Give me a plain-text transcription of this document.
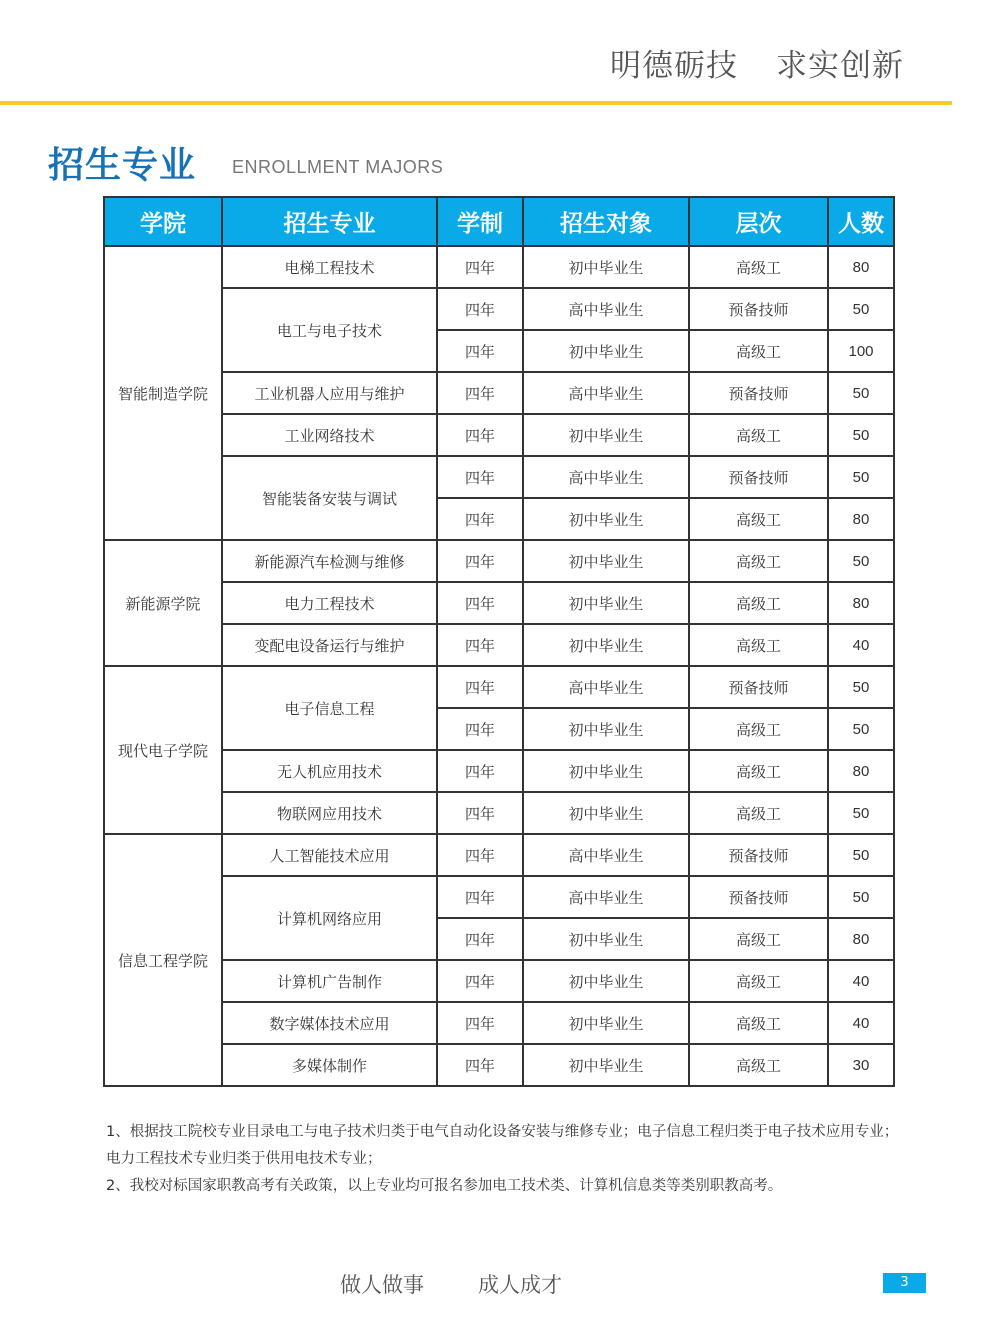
明德砺技 求实创新
招生专业 ENROLLMENT MAJORS
学院	招生专业	学制	招生对象	层次	人数
智能制造学院	电梯工程技术	四年	初中毕业生	高级工	80
	电工与电子技术	四年	高中毕业生	预备技师	50
		四年	初中毕业生	高级工	100
	工业机器人应用与维护	四年	高中毕业生	预备技师	50
	工业网络技术	四年	初中毕业生	高级工	50
	智能装备安装与调试	四年	高中毕业生	预备技师	50
		四年	初中毕业生	高级工	80
新能源学院	新能源汽车检测与维修	四年	初中毕业生	高级工	50
	电力工程技术	四年	初中毕业生	高级工	80
	变配电设备运行与维护	四年	初中毕业生	高级工	40
现代电子学院	电子信息工程	四年	高中毕业生	预备技师	50
		四年	初中毕业生	高级工	50
	无人机应用技术	四年	初中毕业生	高级工	80
	物联网应用技术	四年	初中毕业生	高级工	50
信息工程学院	人工智能技术应用	四年	高中毕业生	预备技师	50
	计算机网络应用	四年	高中毕业生	预备技师	50
		四年	初中毕业生	高级工	80
	计算机广告制作	四年	初中毕业生	高级工	40
	数字媒体技术应用	四年	初中毕业生	高级工	40
	多媒体制作	四年	初中毕业生	高级工	30

1、根据技工院校专业目录电工与电子技术归类于电气自动化设备安装与维修专业；电子信息工程归类于电子技术应用专业；电力工程技术专业归类于供用电技术专业；

2、我校对标国家职教高考有关政策，以上专业均可报名参加电工技术类、计算机信息类等类别职教高考。

做人做事	成人成才	3
